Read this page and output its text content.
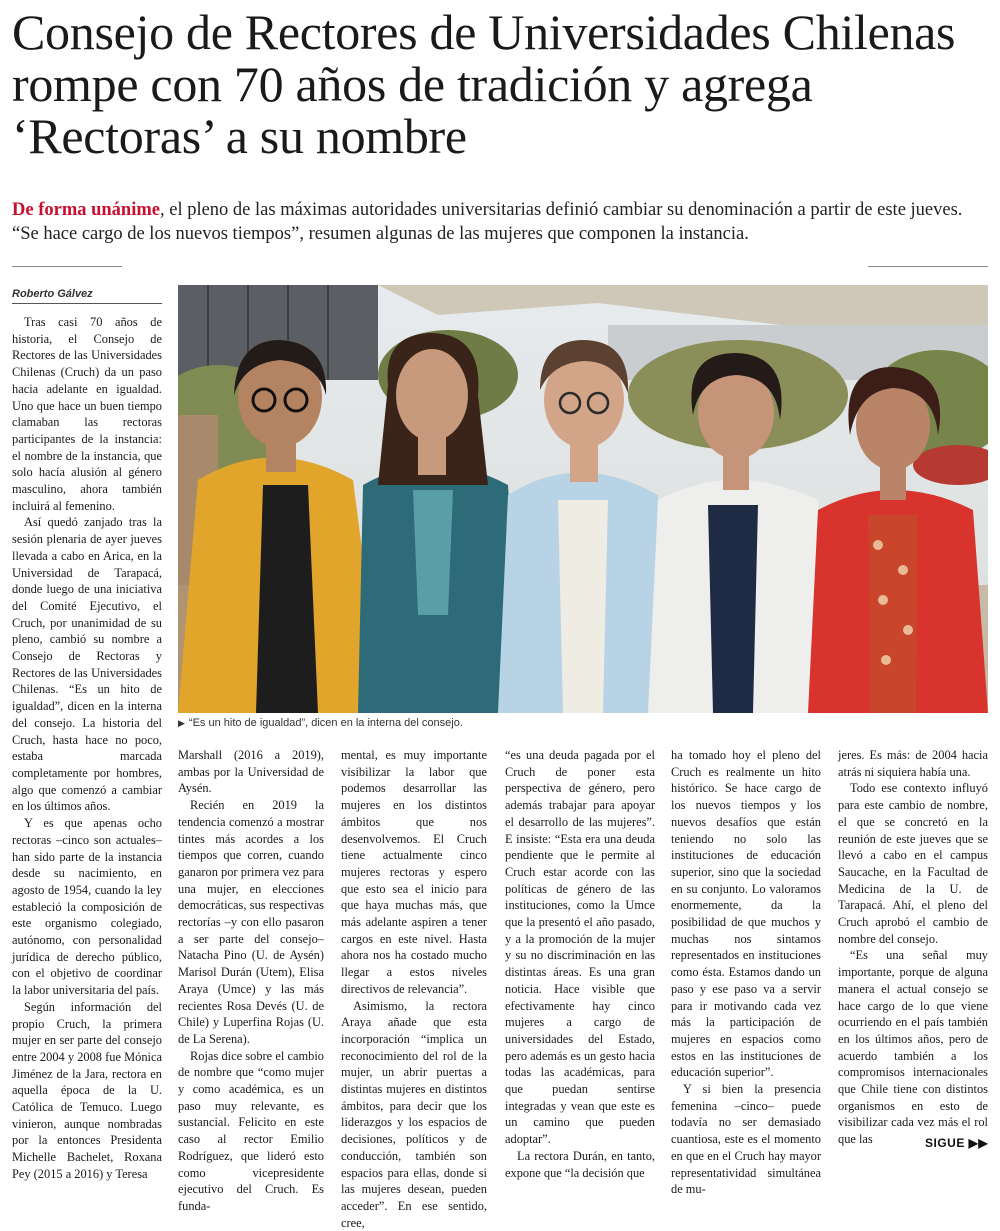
Consejo de Rectores de Universidades Chilenas rompe con 70 años de tradición y agrega ‘Rectoras’ a su nombre

De forma unánime, el pleno de las máximas autoridades universitarias definió cambiar su denominación a partir de este jueves. “Se hace cargo de los nuevos tiempos”, resumen algunas de las mujeres que componen la instancia.

Roberto Gálvez

Tras casi 70 años de historia, el Consejo de Rectores de las Universidades Chilenas (Cruch) da un paso hacia adelante en igualdad. Uno que hace un buen tiempo clamaban las rectoras participantes de la instancia: el nombre de la instancia, que solo hacía alusión al género masculino, ahora también incluirá al femenino.

Así quedó zanjado tras la sesión plenaria de ayer jueves llevada a cabo en Arica, en la Universidad de Tarapacá, donde luego de una iniciativa del Comité Ejecutivo, el Cruch, por unanimidad de su pleno, cambió su nombre a Consejo de Rectoras y Rectores de las Universidades Chilenas. “Es un hito de igualdad”, dicen en la interna del consejo. La historia del Cruch, hasta hace no poco, estaba marcada completamente por hombres, algo que comenzó a cambiar en los últimos años.

Y es que apenas ocho rectoras –cinco son actuales– han sido parte de la instancia desde su nacimiento, en agosto de 1954, cuando la ley estableció la composición de este organismo colegiado, autónomo, con personalidad jurídica de derecho público, con el objetivo de coordinar la labor universitaria del país.

Según información del propio Cruch, la primera mujer en ser parte del consejo entre 2004 y 2008 fue Mónica Jiménez de la Jara, rectora en aquella época de la U. Católica de Temuco. Luego vinieron, aunque nombradas por la entonces Presidenta Michelle Bachelet, Roxana Pey (2015 a 2016) y Teresa

▶ “Es un hito de igualdad”, dicen en la interna del consejo.

Marshall (2016 a 2019), ambas por la Universidad de Aysén.

Recién en 2019 la tendencia comenzó a mostrar tintes más acordes a los tiempos que corren, cuando ganaron por primera vez para una mujer, en elecciones democráticas, sus respectivas rectorías –y con ello pasaron a ser parte del consejo– Natacha Pino (U. de Aysén) Marisol Durán (Utem), Elisa Araya (Umce) y las más recientes Rosa Devés (U. de Chile) y Luperfina Rojas (U. de La Serena).

Rojas dice sobre el cambio de nombre que “como mujer y como académica, es un paso muy relevante, es sustancial. Felicito en este caso al rector Emilio Rodríguez, que lideró esto como vicepresidente ejecutivo del Cruch. Es funda-

mental, es muy importante visibilizar la labor que podemos desarrollar las mujeres en los distintos ámbitos que nos desenvolvemos. El Cruch tiene actualmente cinco mujeres rectoras y espero que esto sea el inicio para que haya muchas más, que más adelante aspiren a tener cargos en este nivel. Hasta ahora nos ha costado mucho llegar a estos niveles directivos de relevancia”.

Asimismo, la rectora Araya añade que esta incorporación “implica un reconocimiento del rol de la mujer, un abrir puertas a distintas mujeres en distintos ámbitos, para decir que los liderazgos y los espacios de decisiones, políticos y de conducción, también son espacios para ellas, donde si las mujeres desean, pueden acceder”. En ese sentido, cree,

“es una deuda pagada por el Cruch de poner esta perspectiva de género, pero además trabajar para apoyar el desarrollo de las mujeres”. E insiste: “Esta era una deuda pendiente que le permite al Cruch estar acorde con las políticas de género de las instituciones, como la Umce que la presentó el año pasado, y a la promoción de la mujer y su no discriminación en las distintas áreas. Es una gran noticia. Hace visible que efectivamente hay cinco mujeres a cargo de universidades del Estado, pero además es un gesto hacia todas las académicas, para que puedan sentirse integradas y vean que este es un camino que pueden adoptar”.

La rectora Durán, en tanto, expone que “la decisión que

ha tomado hoy el pleno del Cruch es realmente un hito histórico. Se hace cargo de los nuevos tiempos y los nuevos desafíos que están teniendo no solo las instituciones de educación superior, sino que la sociedad en su conjunto. Lo valoramos enormemente, da la posibilidad de que muchos y muchas nos sintamos representados en instituciones como ésta. Estamos dando un paso y ese paso va a servir para ir motivando cada vez más la participación de mujeres en espacios como estos en las instituciones de educación superior”.

Y si bien la presencia femenina –cinco– puede todavía no ser demasiado cuantiosa, este es el momento en que en el Cruch hay mayor representatividad simultánea de mu-

jeres. Es más: de 2004 hacia atrás ni siquiera había una.

Todo ese contexto influyó para este cambio de nombre, el que se concretó en la reunión de este jueves que se llevó a cabo en el campus Saucache, en la Facultad de Medicina de la U. de Tarapacá. Ahí, el pleno del Cruch aprobó el cambio de nombre del consejo.

“Es una señal muy importante, porque de alguna manera el actual consejo se hace cargo de lo que viene ocurriendo en el país también en los últimos años, pero de acuerdo también a los compromisos internacionales que Chile tiene con distintos organismos en esto de visibilizar cada vez más el rol que las	SIGUE ▶▶
